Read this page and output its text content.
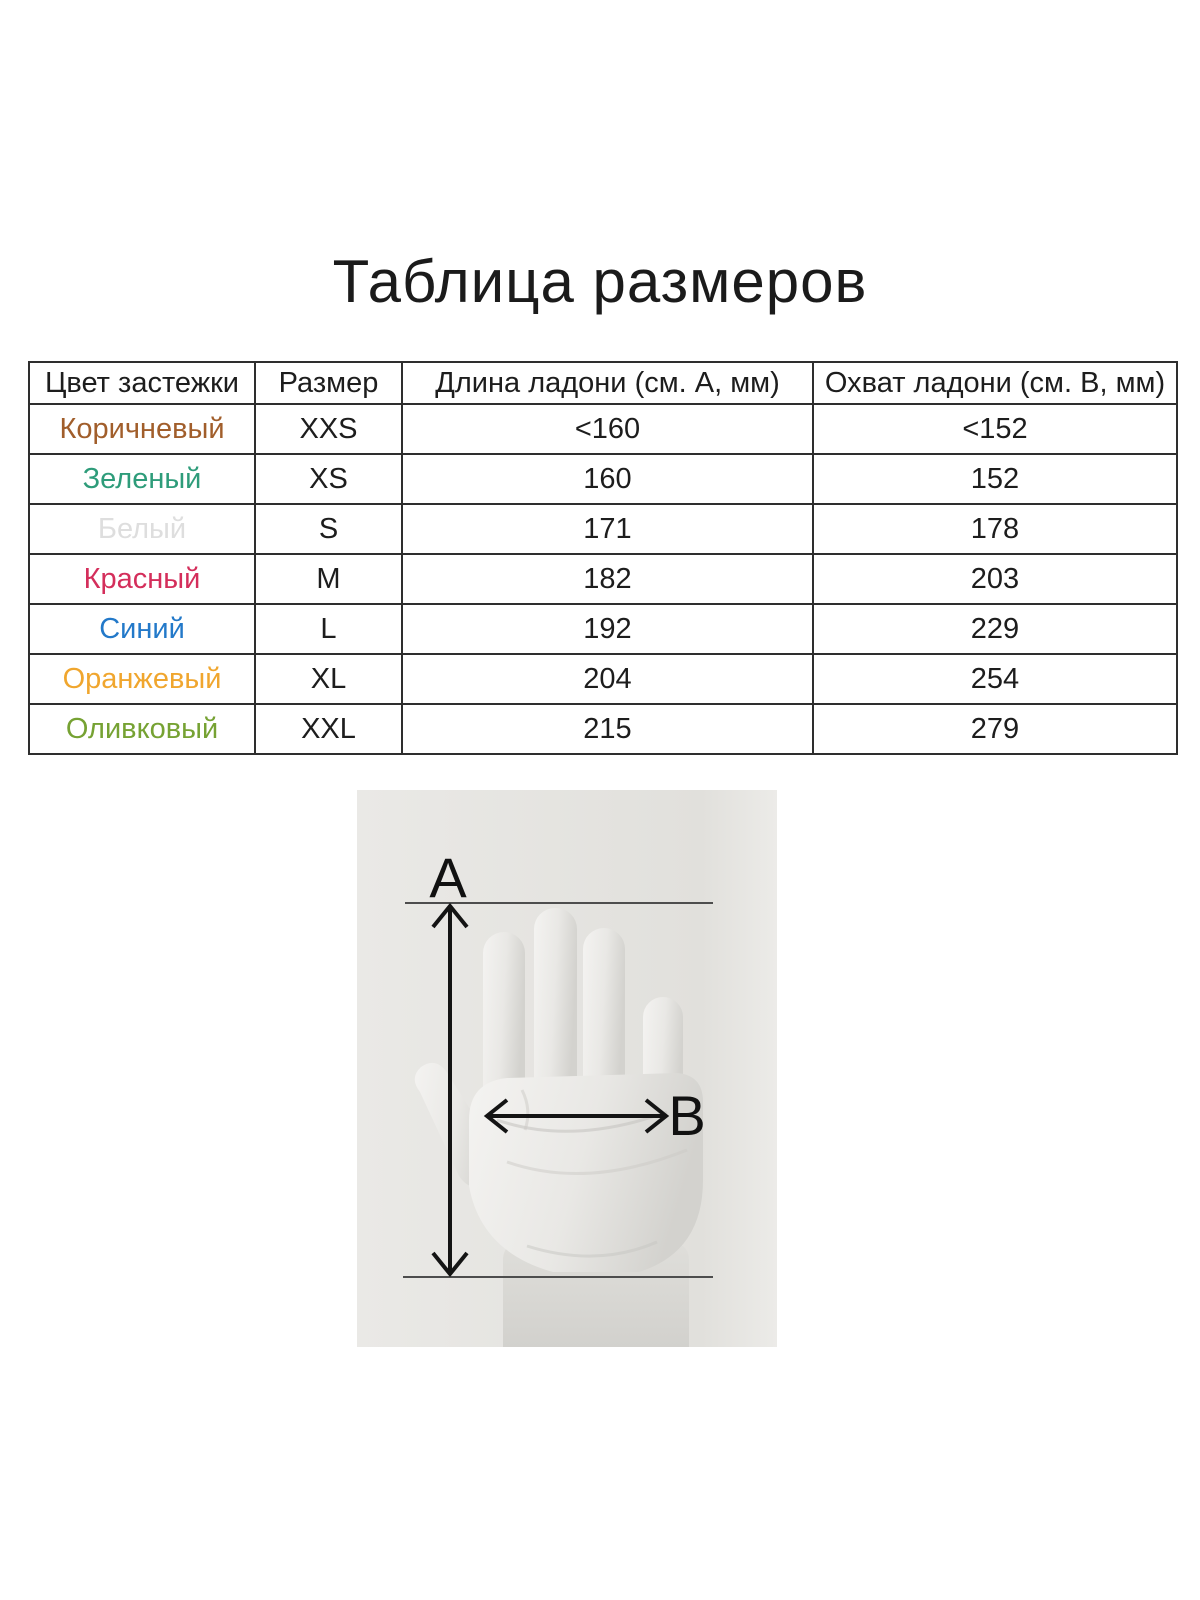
Таблица размеров
Цвет застежки	Размер	Длина ладони (см. А, мм)	Охват ладони (см. B, мм)
Коричневый	XXS	<160	<152
Зеленый	XS	160	152
Белый	S	171	178
Красный	M	182	203
Синий	L	192	229
Оранжевый	XL	204	254
Оливковый	XXL	215	279
A
B
